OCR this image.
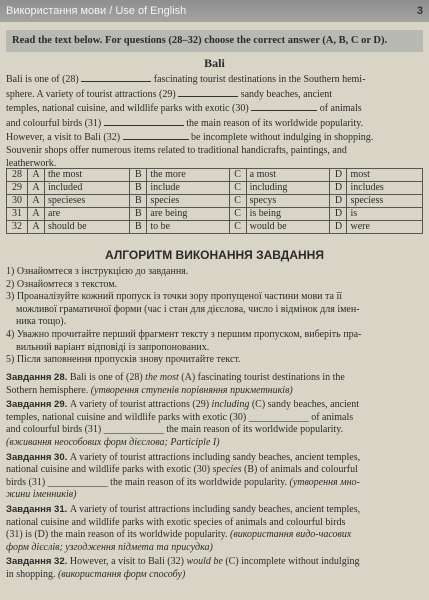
Використання мови / Use of English	3
Read the text below. For questions (28–32) choose the correct answer (A, B, C or D).
Bali
Bali is one of (28)	fascinating tourist destinations in the Southern hemi-
sphere. A variety of tourist attractions (29)	sandy beaches, ancient
temples, national cuisine, and wildlife parks with exotic (30)	of animals
and colourful birds (31)	the main reason of its worldwide popularity.
However, a visit to Bali (32)	be incomplete without indulging in shopping.
Souvenir shops offer numerous items related to traditional handicrafts, paintings, and
leatherwork.
28	A	the most	B	the more	C	a most	D	most
29	A	included	B	include	C	including	D	includes
30	A	specieses	B	species	C	specys	D	speciess
31	A	are	B	are being	C	is being	D	is
32	A	should be	B	to be	C	would be	D	were
АЛГОРИТМ ВИКОНАННЯ ЗАВДАННЯ
1) Ознайомтеся з інструкцією до завдання.
2) Ознайомтеся з текстом.
3) Проаналізуйте кожний пропуск із точки зору пропущеної частини мови та її
можливої граматичної форми (час і стан для дієслова, число і відмінок для імен-
ника тощо).
4) Уважно прочитайте перший фрагмент тексту з першим пропуском, виберіть пра-
вильний варіант відповіді із запропонованих.
5) Після заповнення пропусків знову прочитайте текст.
Завдання 28. Bali is one of (28) the most (A) fascinating tourist destinations in the
Sothern hemisphere. (утворення ступенів порівняння прикметників)
Завдання 29. A variety of tourist attractions (29) including (C) sandy beaches, ancient
temples, national cuisine and wildlife parks with exotic (30) ____________ of animals
and colourful birds (31) ____________ the main reason of its worldwide popularity.
(вживання неособових форм дієслова; Participle I)
Завдання 30. A variety of tourist attractions including sandy beaches, ancient temples,
national cuisine and wildlife parks with exotic (30) species (B) of animals and colourful
birds (31) ____________ the main reason of its worldwide popularity. (утворення мно-
жини іменників)
Завдання 31. A variety of tourist attractions including sandy beaches, ancient temples,
national cuisine and wildlife parks with exotic species of animals and colourful birds
(31) is (D) the main reason of its worldwide popularity. (використання видо-часових
форм дієслів; узгодження підмета та присудка)
Завдання 32. However, a visit to Bali (32) would be (C) incomplete without indulging
in shopping. (використання форм способу)
